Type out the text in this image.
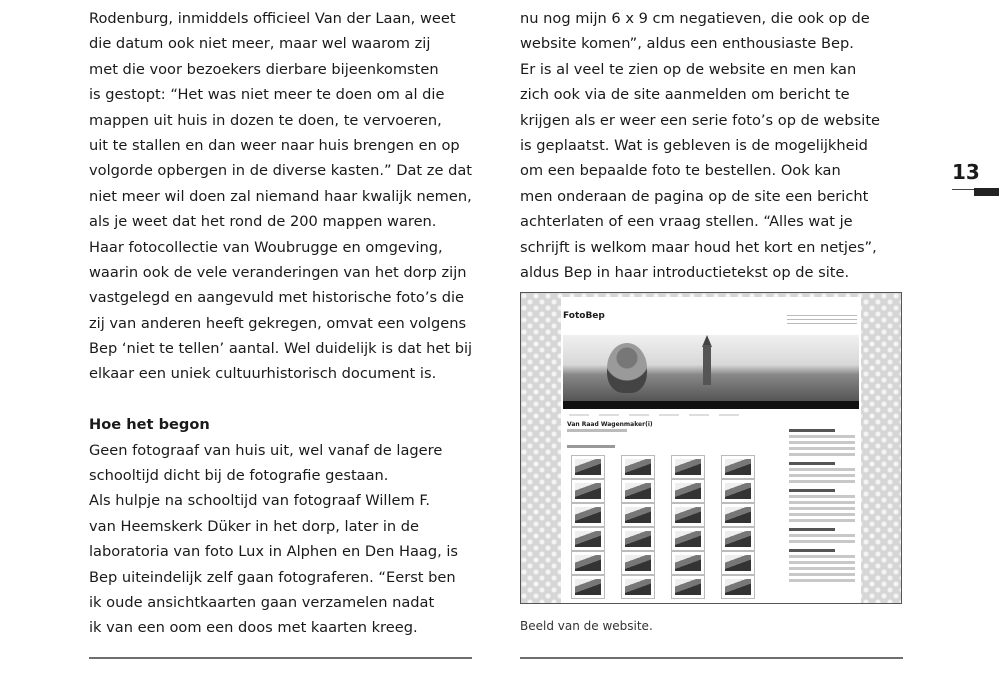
Rodenburg, inmiddels officieel Van der Laan, weet
die datum ook niet meer, maar wel waarom zij
met die voor bezoekers dierbare bijeenkomsten
is gestopt: “Het was niet meer te doen om al die
mappen uit huis in dozen te doen, te vervoeren,
uit te stallen en dan weer naar huis brengen en op
volgorde opbergen in de diverse kasten.” Dat ze dat
niet meer wil doen zal niemand haar kwalijk nemen,
als je weet dat het rond de 200 mappen waren.
Haar fotocollectie van Woubrugge en omgeving,
waarin ook de vele veranderingen van het dorp zijn
vastgelegd en aangevuld met historische foto’s die
zij van anderen heeft gekregen, omvat een volgens
Bep ‘niet te tellen’ aantal. Wel duidelijk is dat het bij
elkaar een uniek cultuurhistorisch document is.
Hoe het begon
Geen fotograaf van huis uit, wel vanaf de lagere
schooltijd dicht bij de fotografie gestaan.
Als hulpje na schooltijd van fotograaf Willem F.
van Heemskerk Düker in het dorp, later in de
laboratoria van foto Lux in Alphen en Den Haag, is
Bep uiteindelijk zelf gaan fotograferen. “Eerst ben
ik oude ansichtkaarten gaan verzamelen nadat
ik van een oom een doos met kaarten kreeg.
nu nog mijn 6 x 9 cm negatieven, die ook op de
website komen”, aldus een enthousiaste Bep.
Er is al veel te zien op de website en men kan
zich ook via de site aanmelden om bericht te
krijgen als er weer een serie foto’s op de website
is geplaatst. Wat is gebleven is de mogelijkheid
om een bepaalde foto te bestellen. Ook kan
men onderaan de pagina op de site een bericht
achterlaten of een vraag stellen. “Alles wat je
schrijft is welkom maar houd het kort en netjes”,
aldus Bep in haar introductietekst op de site.
FotoBep
Van Raad Wagenmaker(i)
Beeld van de website.
13
